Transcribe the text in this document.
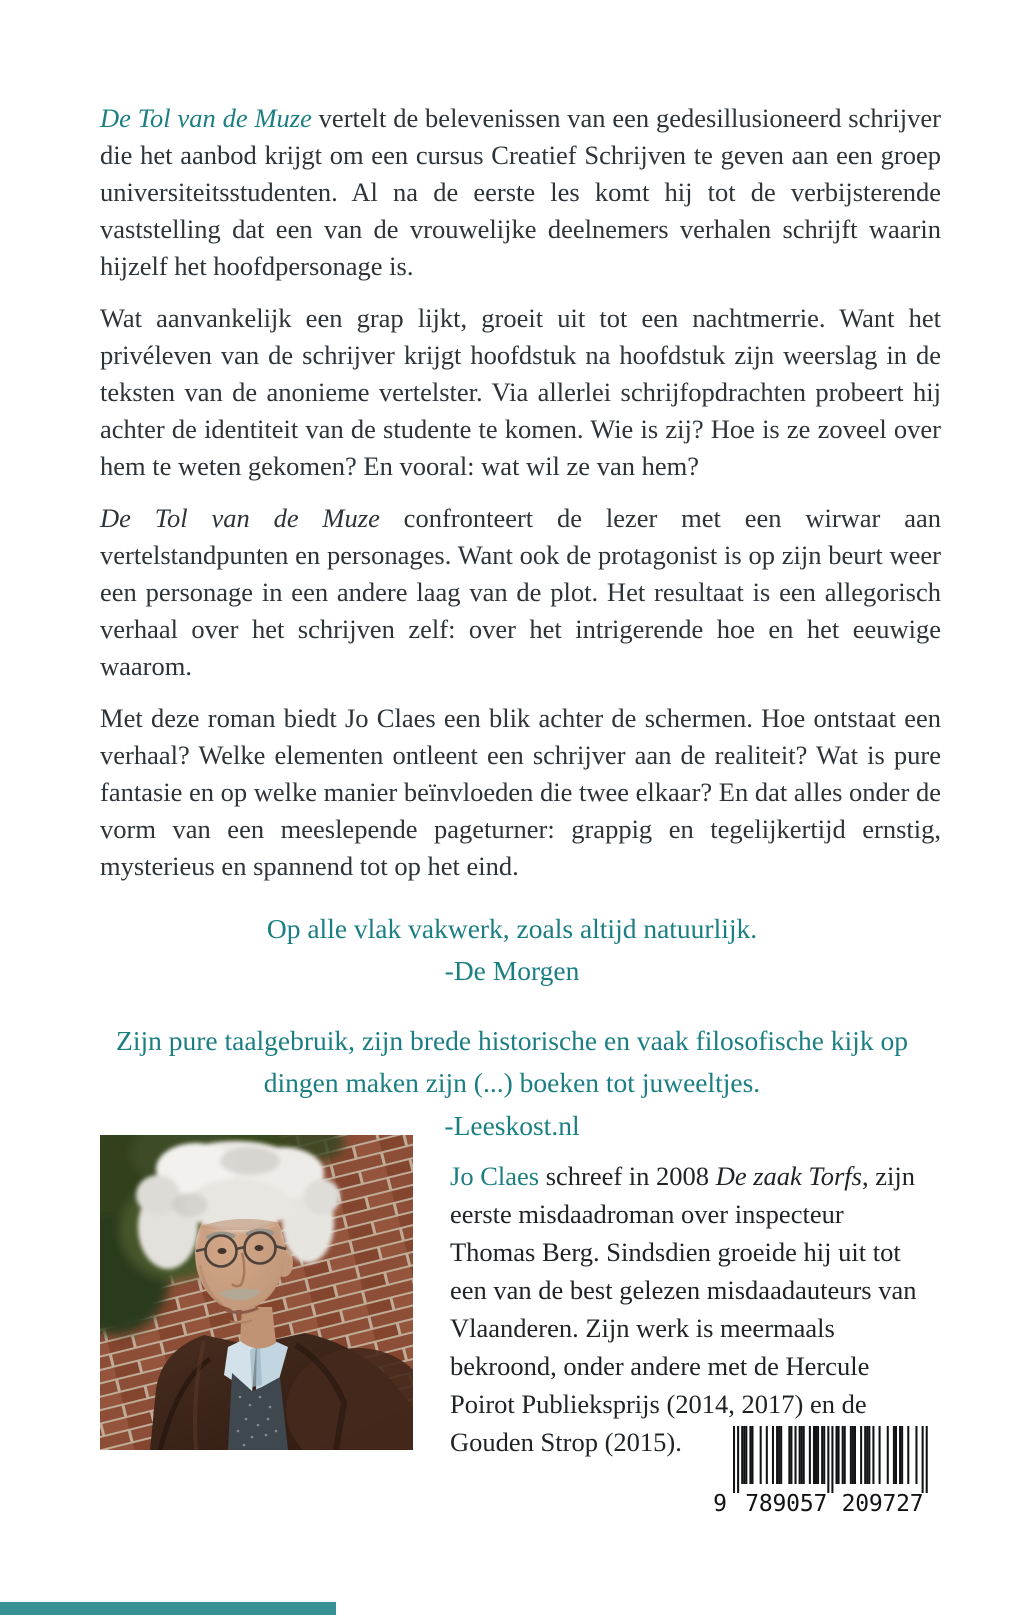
De Tol van de Muze vertelt de belevenissen van een gedesillusioneerd schrijver die het aanbod krijgt om een cursus Creatief Schrijven te geven aan een groep universiteitsstudenten. Al na de eerste les komt hij tot de verbijsterende vaststelling dat een van de vrouwelijke deelnemers verhalen schrijft waarin hijzelf het hoofdpersonage is.

Wat aanvankelijk een grap lijkt, groeit uit tot een nachtmerrie. Want het privéleven van de schrijver krijgt hoofdstuk na hoofdstuk zijn weerslag in de teksten van de anonieme vertelster. Via allerlei schrijfopdrachten probeert hij achter de identiteit van de studente te komen. Wie is zij? Hoe is ze zoveel over hem te weten gekomen? En vooral: wat wil ze van hem?

De Tol van de Muze confronteert de lezer met een wirwar aan vertelstandpunten en personages. Want ook de protagonist is op zijn beurt weer een personage in een andere laag van de plot. Het resultaat is een allegorisch verhaal over het schrijven zelf: over het intrigerende hoe en het eeuwige waarom.

Met deze roman biedt Jo Claes een blik achter de schermen. Hoe ontstaat een verhaal? Welke elementen ontleent een schrijver aan de realiteit? Wat is pure fantasie en op welke manier beïnvloeden die twee elkaar? En dat alles onder de vorm van een meeslepende pageturner: grappig en tegelijkertijd ernstig, mysterieus en spannend tot op het eind.

Op alle vlak vakwerk, zoals altijd natuurlijk.

-De Morgen

Zijn pure taalgebruik, zijn brede historische en vaak filosofische kijk op dingen maken zijn (...) boeken tot juweeltjes.

-Leeskost.nl

Jo Claes schreef in 2008 De zaak Torfs, zijn eerste misdaadroman over inspecteur Thomas Berg. Sindsdien groeide hij uit tot een van de best gelezen misdaadauteurs van Vlaanderen. Zijn werk is meermaals bekroond, onder andere met de Hercule Poirot Publieksprijs (2014, 2017) en de Gouden Strop (2015).

9 789057 209727
